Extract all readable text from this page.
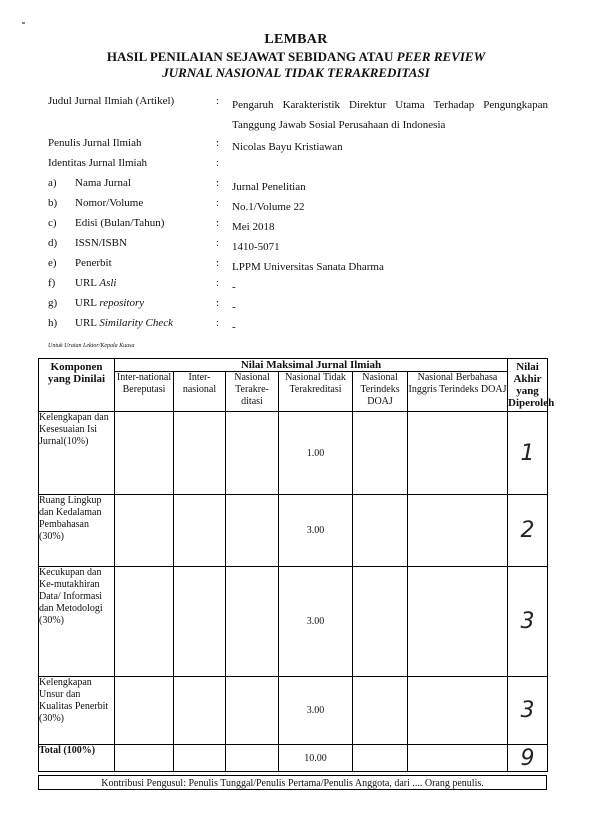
LEMBAR
HASIL PENILAIAN SEJAWAT SEBIDANG ATAU PEER REVIEW
JURNAL NASIONAL TIDAK TERAKREDITASI
Judul Jurnal Ilmiah (Artikel)	: Pengaruh Karakteristik Direktur Utama Terhadap Pengungkapan Tanggung Jawab Sosial Perusahaan di Indonesia
Penulis Jurnal Ilmiah	: Nicolas Bayu Kristiawan
Identitas Jurnal Ilmiah	:
a) Nama Jurnal	: Jurnal Penelitian
b) Nomor/Volume	: No.1/Volume 22
c) Edisi (Bulan/Tahun)	: Mei 2018
d) ISSN/ISBN	: 1410-5071
e) Penerbit	: LPPM Universitas Sanata Dharma
f) URL Asli	: -
g) URL repository	: -
h) URL Similarity Check	: -
Untuk Uraian Lektor/Kepala Kuasa
Komponen yang Dinilai	Nilai Maksimal Jurnal Ilmiah						Nilai Akhir yang Diperoleh
	Inter-national Bereputasi	Inter-nasional	Nasional Terakre-ditasi	Nasional Tidak Terakreditasi	Nasional Terindeks DOAJ	Nasional Berbahasa Inggris Terindeks DOAJ	
Kelengkapan dan Kesesuaian Isi Jurnal(10%)				1.00			1
Ruang Lingkup dan Kedalaman Pembahasan (30%)				3.00			2
Kecukupan dan Ke-mutakhiran Data/ Informasi dan Metodologi (30%)				3.00			3
Kelengkapan Unsur dan Kualitas Penerbit (30%)				3.00			3
Total (100%)				10.00			9
Kontribusi Pengusul: Penulis Tunggal/Penulis Pertama/Penulis Anggota, dari .... Orang penulis.
